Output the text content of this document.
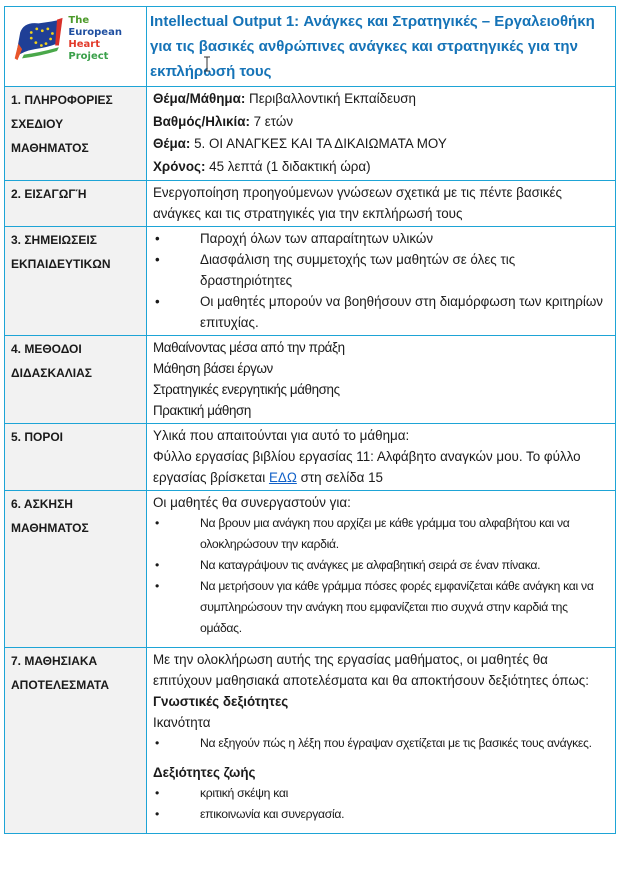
The European
Heart Project	Intellectual Output 1: Ανάγκες και Στρατηγικές – Εργαλειοθήκη για τις βασικές ανθρώπινες ανάγκες και στρατηγικές για την εκπλήρωσή τους
1. ΠΛΗΡΟΦΟΡΙΕΣ ΣΧΕΔΙΟΥ ΜΑΘΗΜΑΤΟΣ	Θέμα/Μάθημα: Περιβαλλοντική Εκπαίδευση
Βαθμός/Ηλικία: 7 ετών
Θέμα: 5. ΟΙ ΑΝΑΓΚΕΣ ΚΑΙ ΤΑ ΔΙΚΑΙΩΜΑΤΑ ΜΟΥ
Χρόνος: 45 λεπτά (1 διδακτική ώρα)

2. ΕΙΣΑΓΩΓΉ	Ενεργοποίηση προηγούμενων γνώσεων σχετικά με τις πέντε βασικές ανάγκες και τις στρατηγικές για την εκπλήρωσή τους
3. ΣΗΜΕΙΩΣΕΙΣ ΕΚΠΑΙΔΕΥΤΙΚΩΝ	
•	Παροχή όλων των απαραίτητων υλικών
•	Διασφάλιση της συμμετοχής των μαθητών σε όλες τις δραστηριότητες
•	Οι μαθητές μπορούν να βοηθήσουν στη διαμόρφωση των κριτηρίων επιτυχίας.

4. ΜΕΘΟΔΟΙ ΔΙΔΑΣΚΑΛΙΑΣ	Μαθαίνοντας μέσα από την πράξη
Μάθηση βάσει έργων
Στρατηγικές ενεργητικής μάθησης
Πρακτική μάθηση

5. ΠΟΡΟΙ	Υλικά που απαιτούνται για αυτό το μάθημα:
Φύλλο εργασίας βιβλίου εργασίας 11: Αλφάβητο αναγκών μου. Το φύλλο εργασίας βρίσκεται ΕΔΩ στη σελίδα 15

6. ΑΣΚΗΣΗ ΜΑΘΗΜΑΤΟΣ	
Οι μαθητές θα συνεργαστούν για:
•	Να βρουν μια ανάγκη που αρχίζει με κάθε γράμμα του αλφαβήτου και να ολοκληρώσουν την καρδιά.
•	Να καταγράψουν τις ανάγκες με αλφαβητική σειρά σε έναν πίνακα.
•	Να μετρήσουν για κάθε γράμμα πόσες φορές εμφανίζεται κάθε ανάγκη και να συμπληρώσουν την ανάγκη που εμφανίζεται πιο συχνά στην καρδιά της ομάδας.

7. ΜΑΘΗΣΙΑΚΑ ΑΠΟΤΕΛΕΣΜΑΤΑ	
Με την ολοκλήρωση αυτής της εργασίας μαθήματος, οι μαθητές θα επιτύχουν μαθησιακά αποτελέσματα και θα αποκτήσουν δεξιότητες όπως:
Γνωστικές δεξιότητες
Ικανότητα
•	Να εξηγούν πώς η λέξη που έγραψαν σχετίζεται με τις βασικές τους ανάγκες.
Δεξιότητες ζωής
•	κριτική σκέψη και
•	επικοινωνία και συνεργασία.
